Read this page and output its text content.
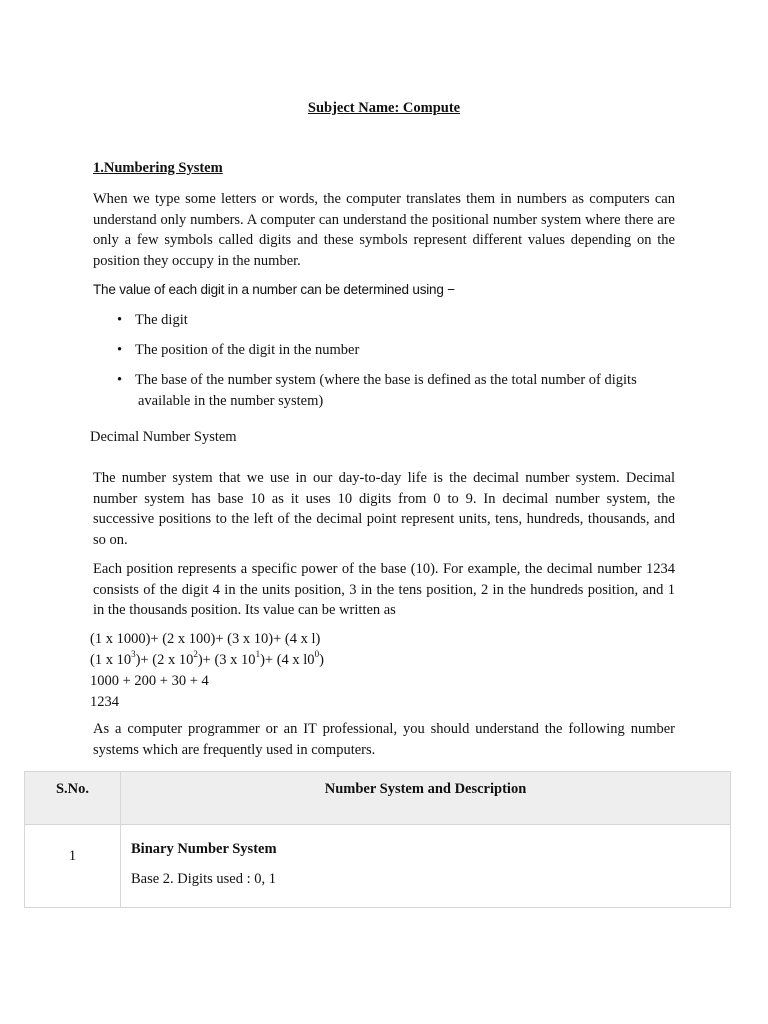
Subject Name: Compute
1.Numbering System

When we type some letters or words, the computer translates them in numbers as computers can understand only numbers. A computer can understand the positional number system where there are only a few symbols called digits and these symbols represent different values depending on the position they occupy in the number.

The value of each digit in a number can be determined using −
• The digit
• The position of the digit in the number
• The base of the number system (where the base is defined as the total number of digits
available in the number system)
Decimal Number System

The number system that we use in our day-to-day life is the decimal number system. Decimal number system has base 10 as it uses 10 digits from 0 to 9. In decimal number system, the successive positions to the left of the decimal point represent units, tens, hundreds, thousands, and so on.

Each position represents a specific power of the base (10). For example, the decimal number 1234 consists of the digit 4 in the units position, 3 in the tens position, 2 in the hundreds position, and 1 in the thousands position. Its value can be written as

(1 x 1000)+ (2 x 100)+ (3 x 10)+ (4 x l)
(1 x $10^3)+ (2$ x $10^2)+ (3$ x $10^1)+ (4$ x $l0^0$)
1000 + 200 + 30 + 4
1234

As a computer programmer or an IT professional, you should understand the following number systems which are frequently used in computers.

S.No.	Number System and Description
1	Binary Number System
Base 2. Digits used : 0, 1
